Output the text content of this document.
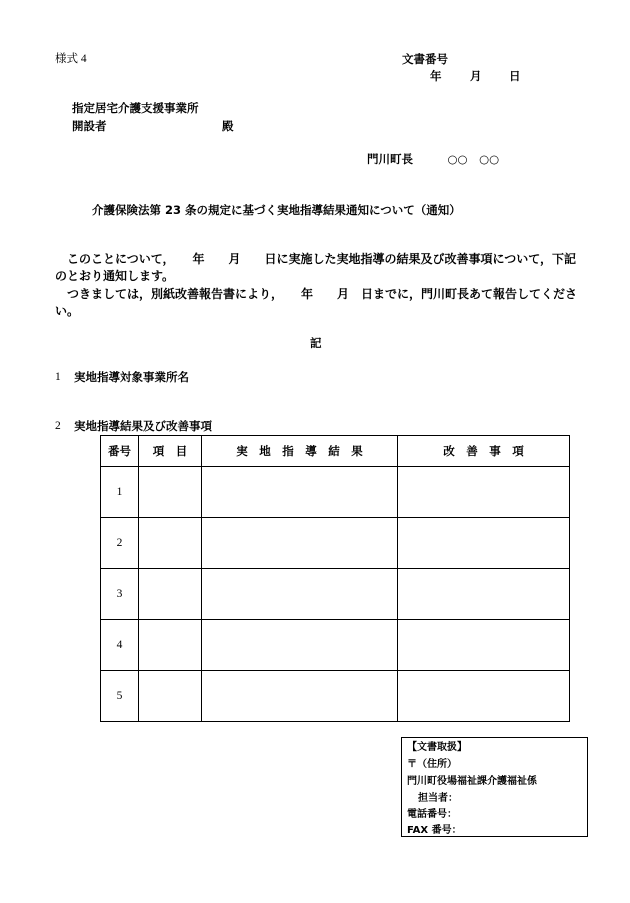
様式 4	文書番号
年 月 日
指定居宅介護支援事業所
開設者	殿
門川町長　　　○○　○○
介護保険法第 23 条の規定に基づく実地指導結果通知について（通知）
　このことについて，　　年　　月　　日に実施した実地指導の結果及び改善事項について，下記のとおり通知します。
　つきましては，別紙改善報告書により，　　年　　月　日までに，門川町長あて報告してください。
記
1 実地指導対象事業所名
2 実地指導結果及び改善事項
番号	項　目	実　地　指　導　結　果	改　善　事　項
1			
2			
3			
4			
5			
【文書取扱】
〒（住所）
門川町役場福祉課介護福祉係
担当者：
電話番号：
FAX 番号：
